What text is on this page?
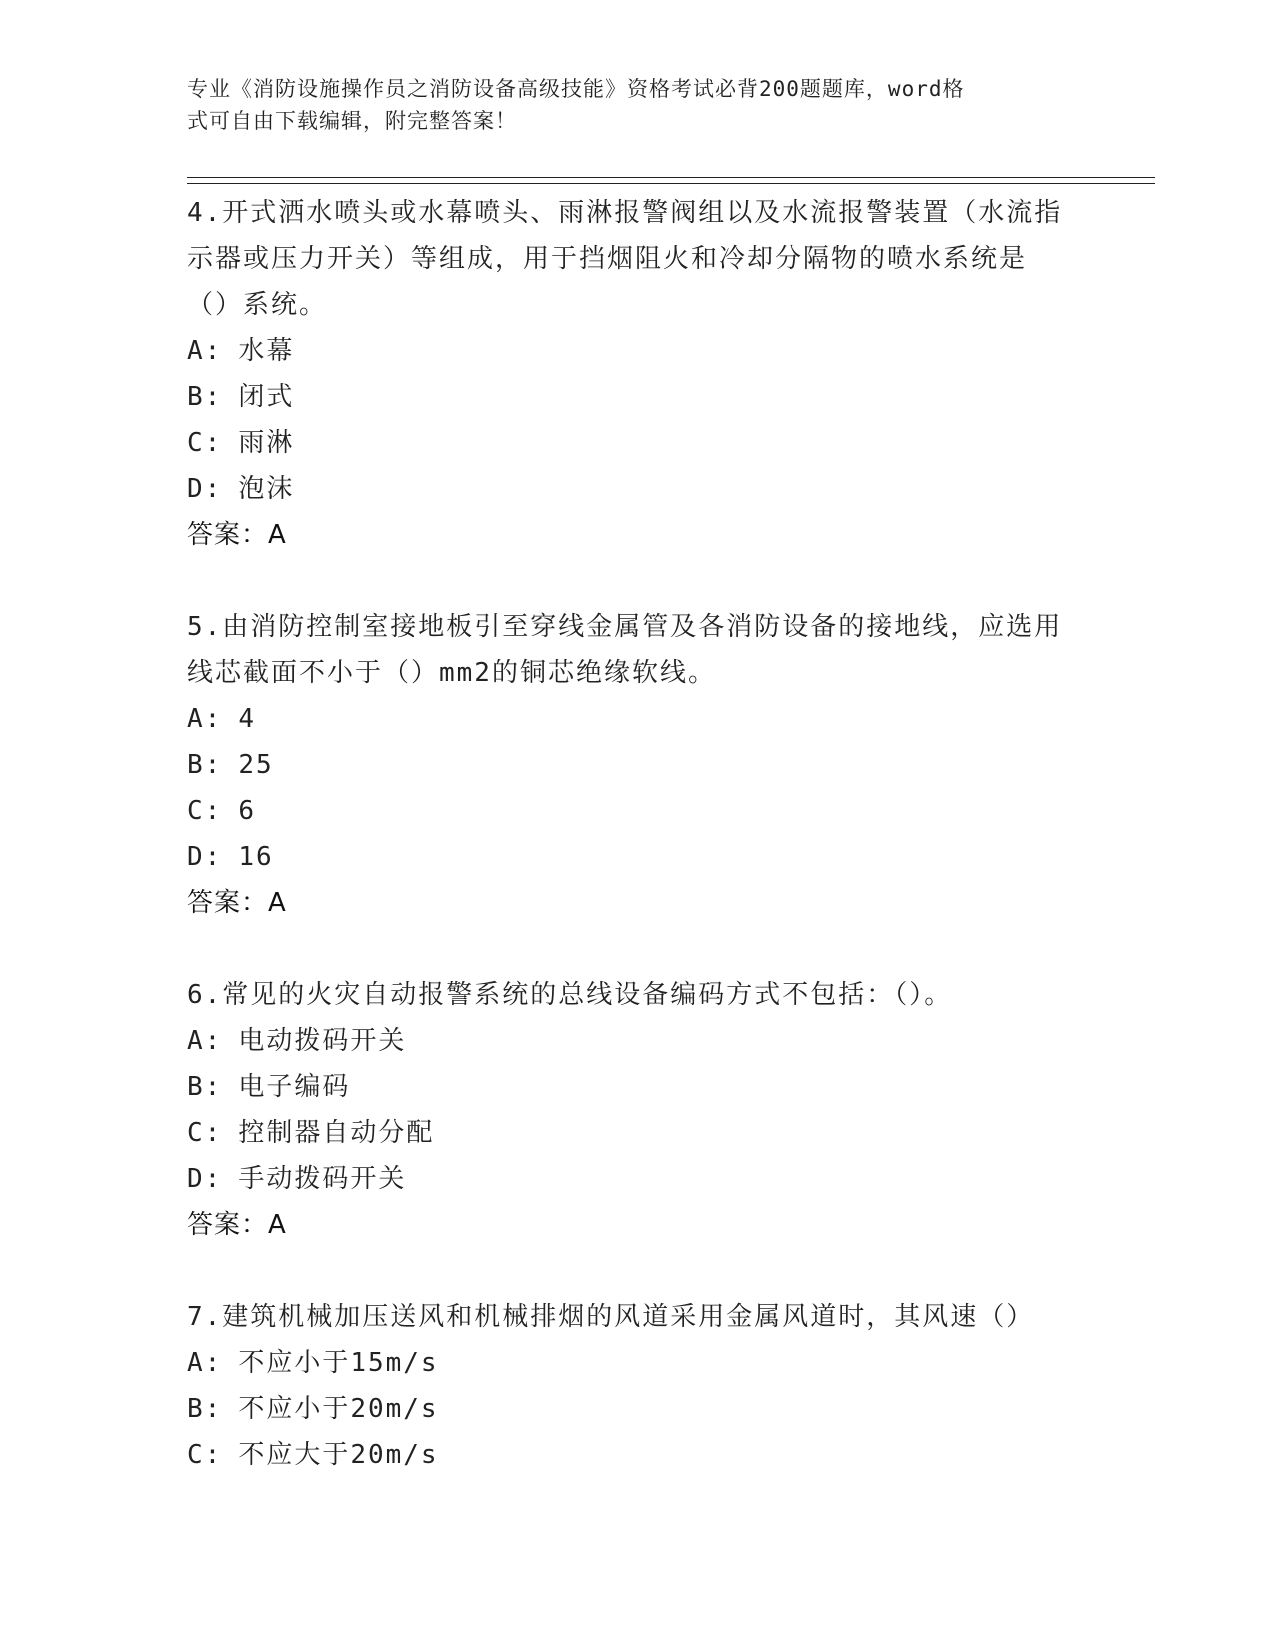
专业《消防设施操作员之消防设备高级技能》资格考试必背200题题库，word格
式可自由下载编辑，附完整答案！
4.开式洒水喷头或水幕喷头、雨淋报警阀组以及水流报警装置（水流指示器或压力开关）等组成，用于挡烟阻火和冷却分隔物的喷水系统是（）系统。
A: 水幕
B: 闭式
C: 雨淋
D: 泡沫
答案：A
5.由消防控制室接地板引至穿线金属管及各消防设备的接地线，应选用线芯截面不小于（）mm2的铜芯绝缘软线。
A: 4
B: 25
C: 6
D: 16
答案：A
6.常见的火灾自动报警系统的总线设备编码方式不包括：（）。
A: 电动拨码开关
B: 电子编码
C: 控制器自动分配
D: 手动拨码开关
答案：A
7.建筑机械加压送风和机械排烟的风道采用金属风道时，其风速（）
A: 不应小于15m/s
B: 不应小于20m/s
C: 不应大于20m/s
